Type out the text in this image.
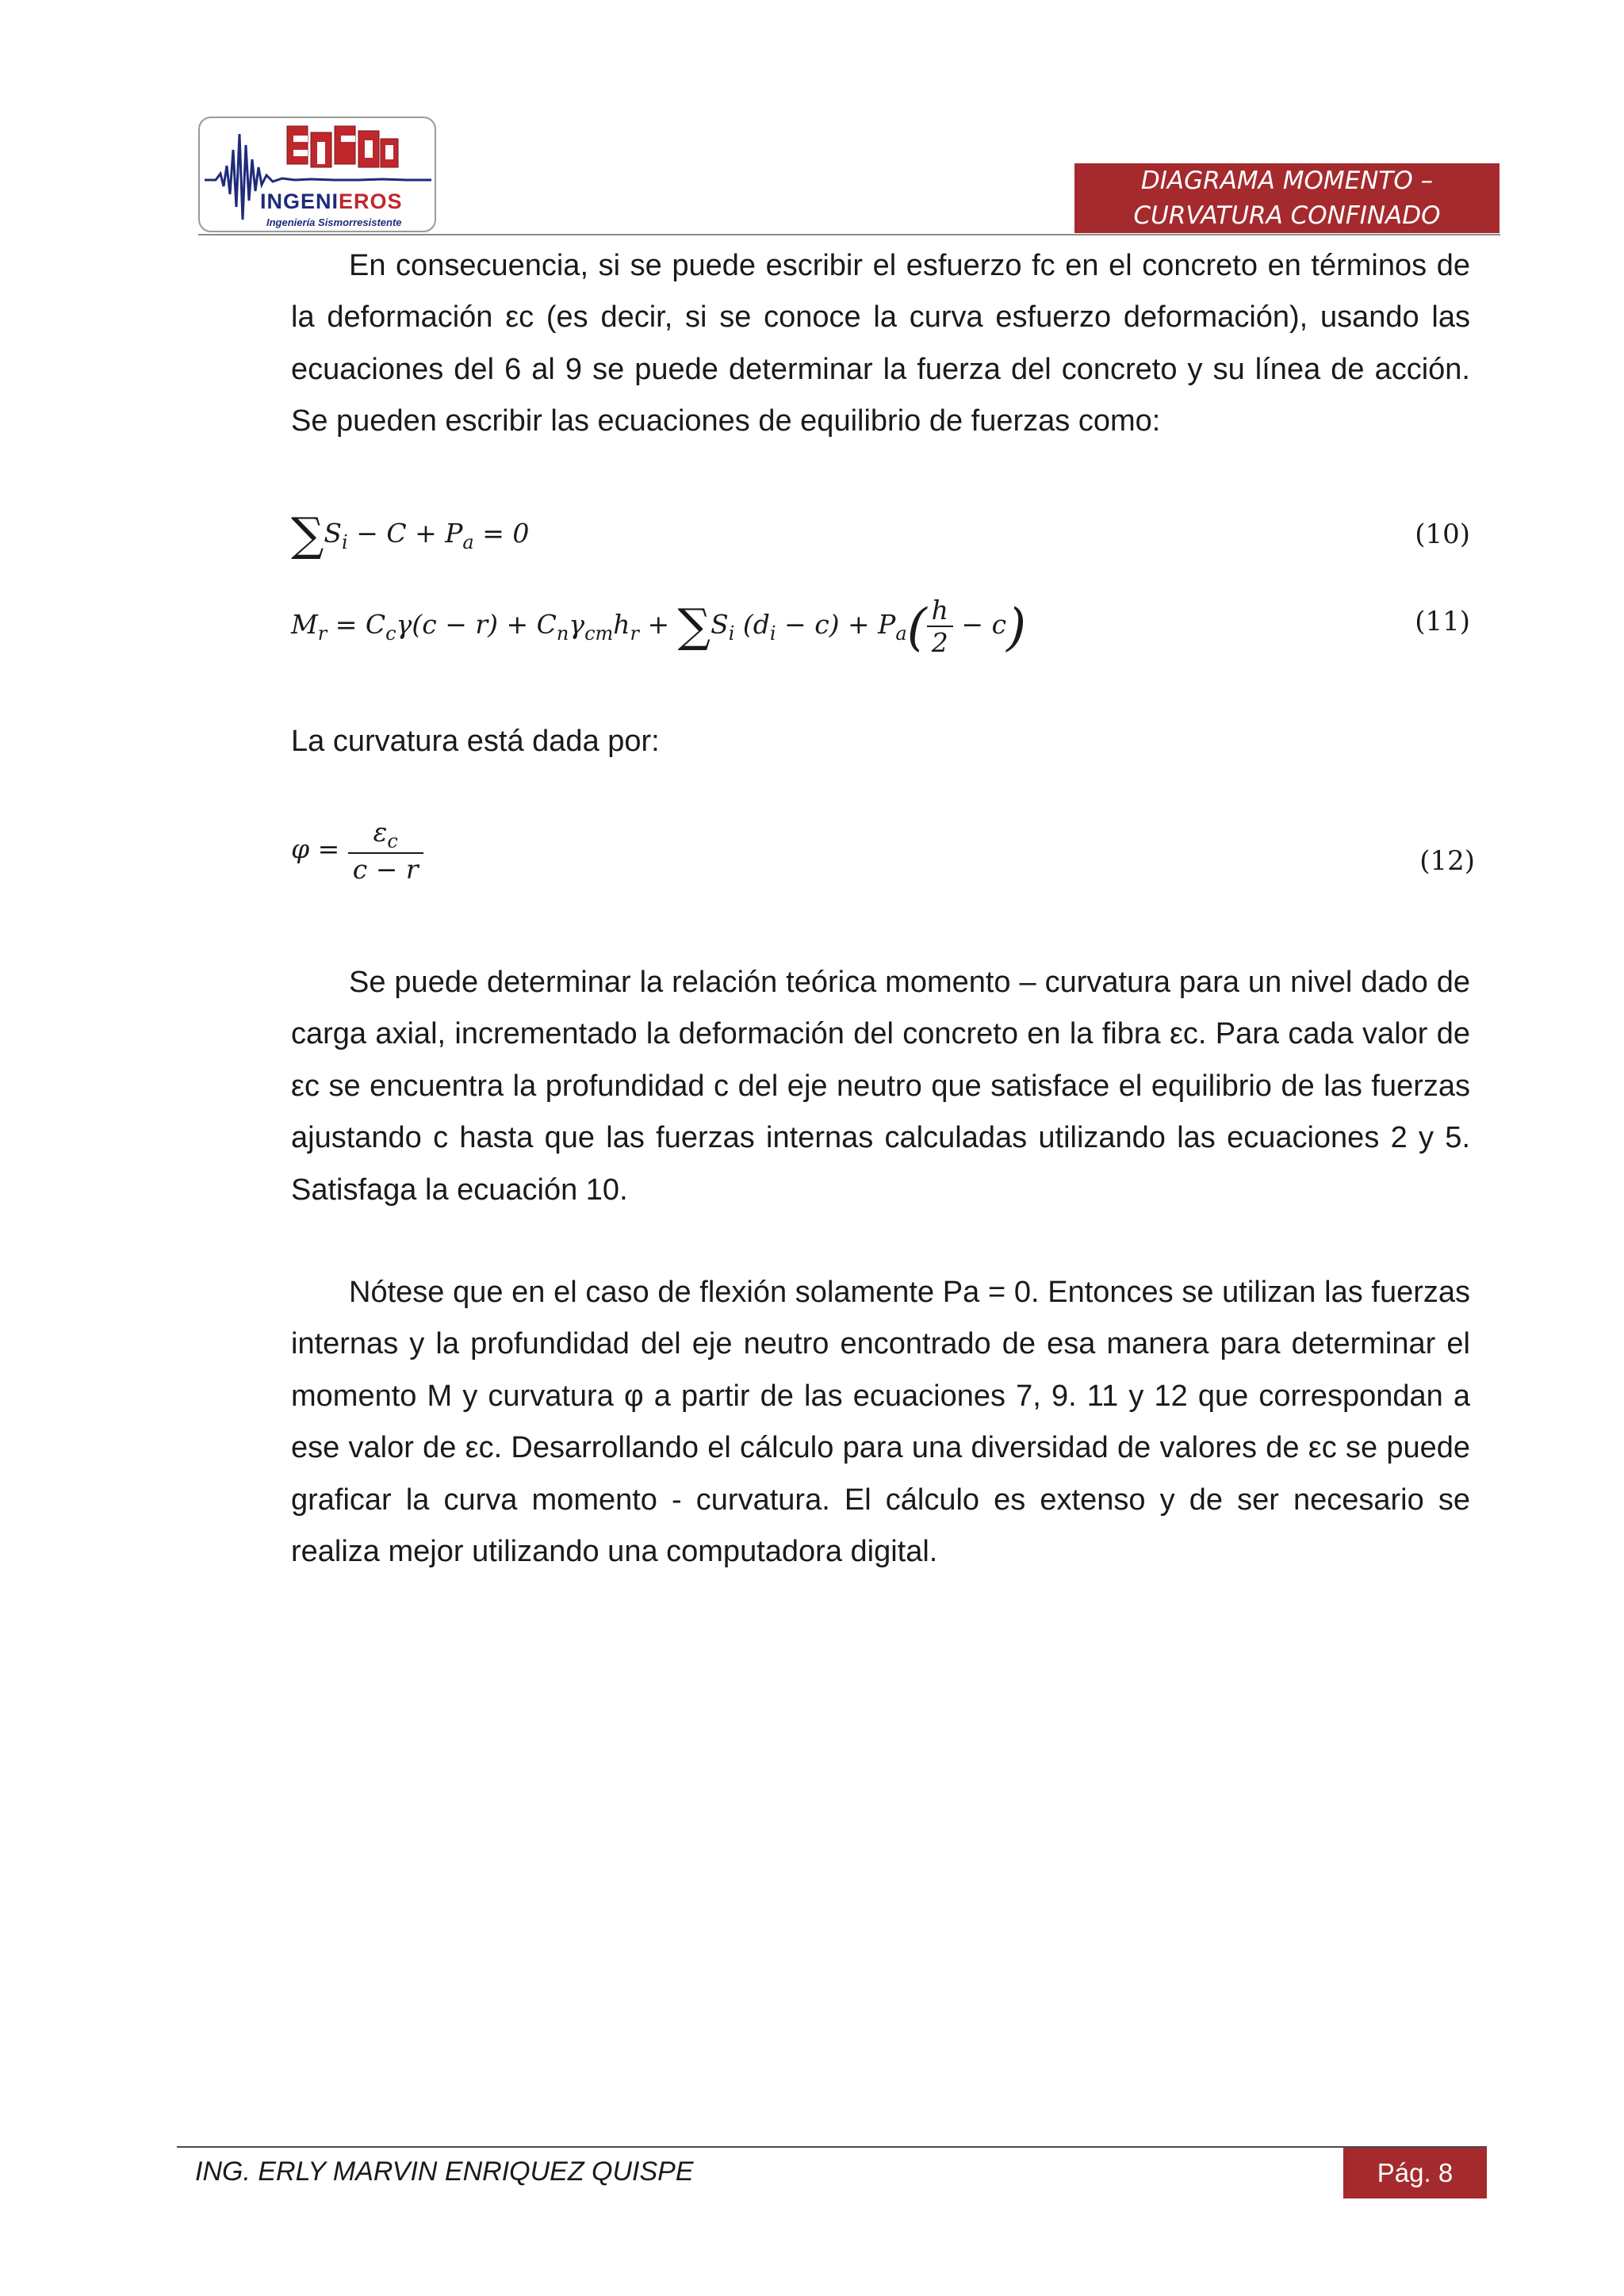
INGENIEROS
Ingeniería Sismorresistente
DIAGRAMA MOMENTO –
CURVATURA CONFINADO

En consecuencia, si se puede escribir el esfuerzo fc en el concreto en términos de la deformación εc (es decir, si se conoce la curva esfuerzo deformación), usando las ecuaciones del 6 al 9 se puede determinar la fuerza del concreto y su línea de acción. Se pueden escribir las ecuaciones de equilibrio de fuerzas como:

$\sum S_i - C + P_a = 0$	(10)
$M_r = C_c\gamma(c - r) + C_n\gamma_{cm}h_r + \sum S_i$ $(d_i - c) + P_a( \frac{h}{2} - c)$	(11)

La curvatura está dada por:

$\varphi = \frac{\varepsilon_c}{c - r}$	(12)

Se puede determinar la relación teórica momento – curvatura para un nivel dado de carga axial, incrementado la deformación del concreto en la fibra εc. Para cada valor de εc se encuentra la profundidad c del eje neutro que satisface el equilibrio de las fuerzas ajustando c hasta que las fuerzas internas calculadas utilizando las ecuaciones 2 y 5. Satisfaga la ecuación 10.

Nótese que en el caso de flexión solamente Pa = 0. Entonces se utilizan las fuerzas internas y la profundidad del eje neutro encontrado de esa manera para determinar el momento M y curvatura φ a partir de las ecuaciones 7, 9. 11 y 12 que correspondan a ese valor de εc. Desarrollando el cálculo para una diversidad de valores de εc se puede graficar la curva momento - curvatura. El cálculo es extenso y de ser necesario se realiza mejor utilizando una computadora digital.

ING. ERLY MARVIN ENRIQUEZ QUISPE	Pág. 8
